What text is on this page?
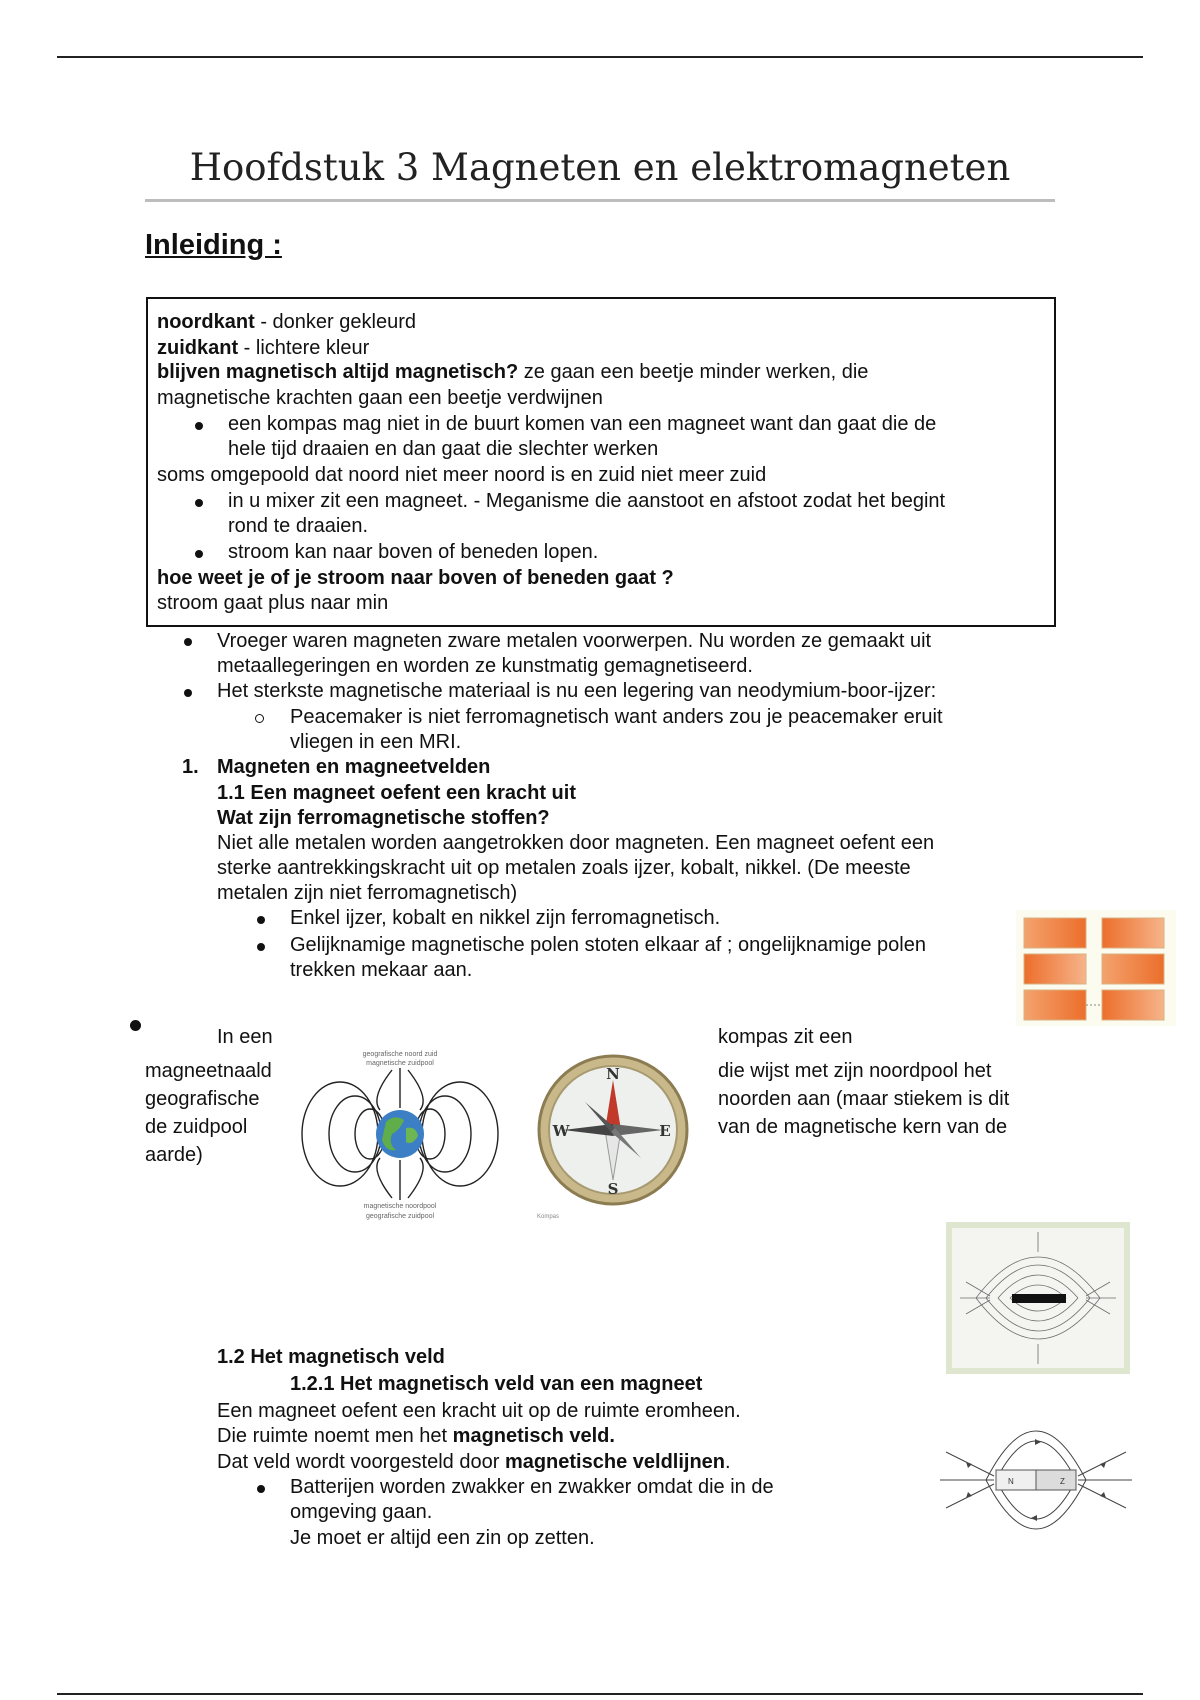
Hoofdstuk 3 Magneten en elektromagneten
Inleiding :
noordkant - donker gekleurd
zuidkant - lichtere kleur
blijven magnetisch altijd magnetisch? ze gaan een beetje minder werken, die
magnetische krachten gaan een beetje verdwijnen
een kompas mag niet in de buurt komen van een magneet want dan gaat die de
hele tijd draaien en dan gaat die slechter werken
soms omgepoold dat noord niet meer noord is en zuid niet meer zuid
in u mixer zit een magneet. - Meganisme die aanstoot en afstoot zodat het begint
rond te draaien.
stroom kan naar boven of beneden lopen.
hoe weet je of je stroom naar boven of beneden gaat ?
stroom gaat plus naar min
Vroeger waren magneten zware metalen voorwerpen. Nu worden ze gemaakt uit
metaallegeringen en worden ze kunstmatig gemagnetiseerd.
Het sterkste magnetische materiaal is nu een legering van neodymium-boor-ijzer:
Peacemaker is niet ferromagnetisch want anders zou je peacemaker eruit
vliegen in een MRI.
1. Magneten en magneetvelden
1.1 Een magneet oefent een kracht uit
Wat zijn ferromagnetische stoffen?
Niet alle metalen worden aangetrokken door magneten. Een magneet oefent een
sterke aantrekkingskracht uit op metalen zoals ijzer, kobalt, nikkel. (De meeste
metalen zijn niet ferromagnetisch)
Enkel ijzer, kobalt en nikkel zijn ferromagnetisch.
Gelijknamige magnetische polen stoten elkaar af ; ongelijknamige polen
trekken mekaar aan.
In een
magneetnaald
geografische
de zuidpool
aarde)
kompas zit een
die wijst met zijn noordpool het
noorden aan (maar stiekem is dit
van de magnetische kern van de
geografische noord zuid
magnetische zuidpool
magnetische noordpool
geografische zuidpool
N
S
W	E
Kompas
1.2 Het magnetisch veld
1.2.1 Het magnetisch veld van een magneet
Een magneet oefent een kracht uit op de ruimte eromheen.
Die ruimte noemt men het magnetisch veld.
Dat veld wordt voorgesteld door magnetische veldlijnen.
Batterijen worden zwakker en zwakker omdat die in de
omgeving gaan.
Je moet er altijd een zin op zetten.
N	Z
